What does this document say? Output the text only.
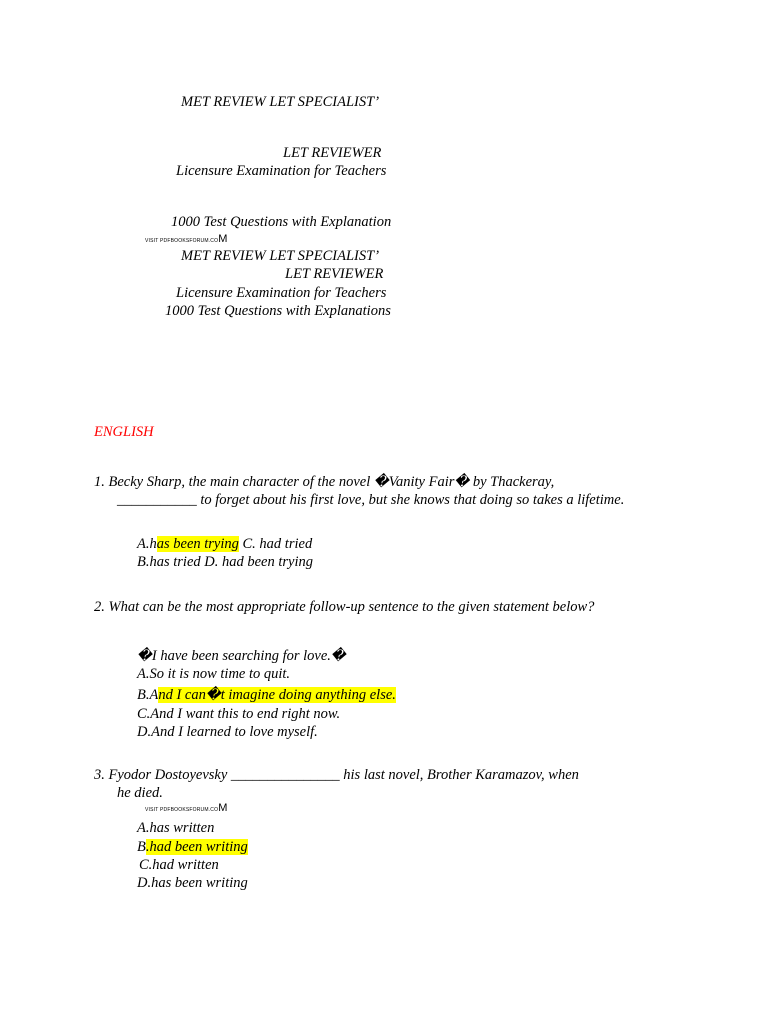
MET REVIEW LET SPECIALIST’
LET REVIEWER
Licensure Examination for Teachers
1000 Test Questions with Explanation
VISIT PDFBOOKSFORUM.COM
MET REVIEW LET SPECIALIST’
LET REVIEWER
Licensure Examination for Teachers
1000 Test Questions with Explanations
ENGLISH
1. Becky Sharp, the main character of the novel �Vanity Fair� by Thackeray,
___________ to forget about his first love, but she knows that doing so takes a lifetime.
A.has been trying C. had tried
B.has tried D. had been trying
2. What can be the most appropriate follow-up sentence to the given statement below?
�I have been searching for love.�
A.So it is now time to quit.
B.And I can�t imagine doing anything else.
C.And I want this to end right now.
D.And I learned to love myself.
3. Fyodor Dostoyevsky _______________ his last novel, Brother Karamazov, when
he died.
VISIT PDFBOOKSFORUM.COM
A.has written
B.had been writing
C.had written
D.has been writing
